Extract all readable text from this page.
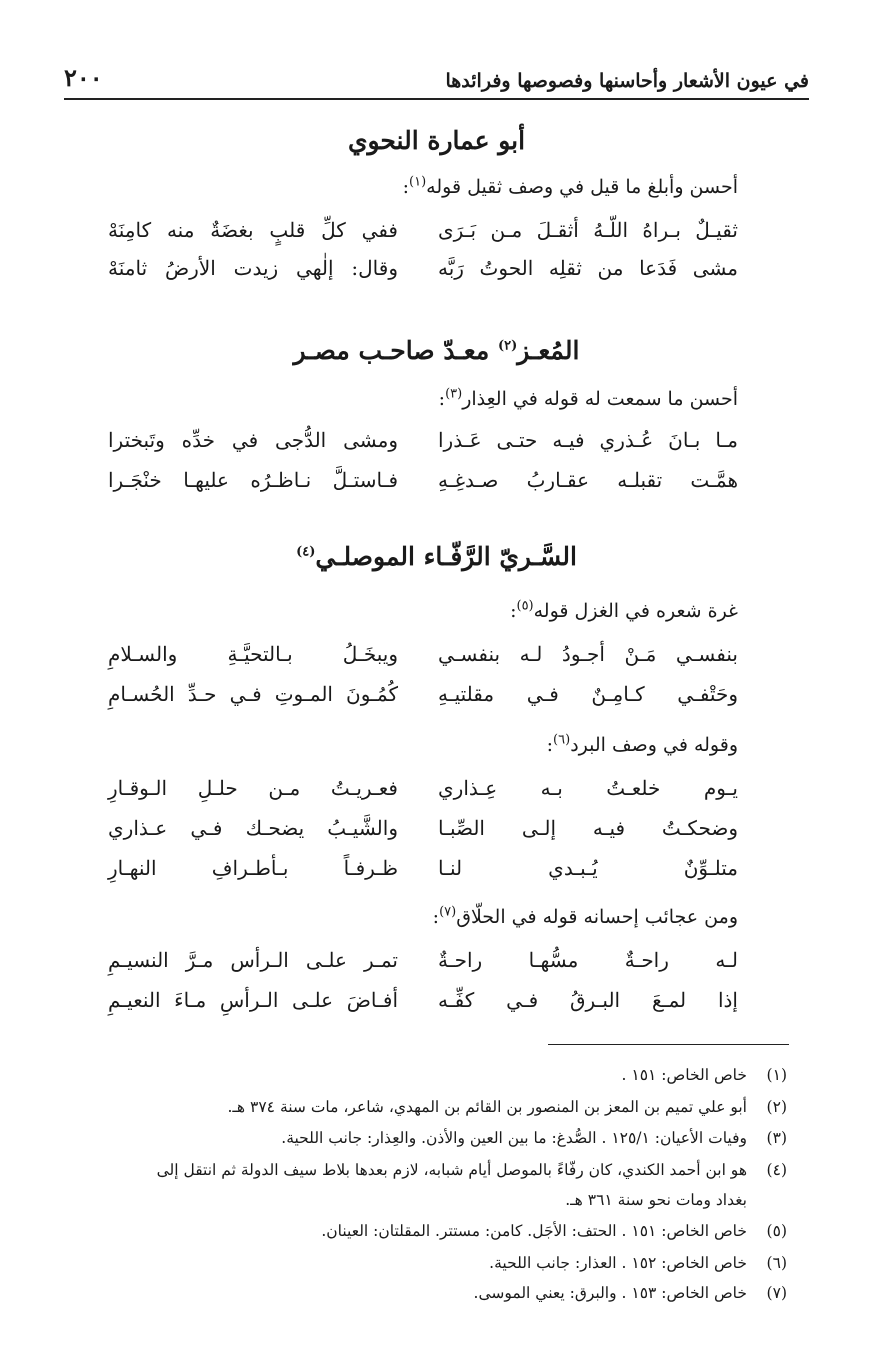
في عيون الأشعار وأحاسنها وفصوصها وفرائدها
٢٠٠
أبو عمارة النحوي
أحسن وأبلغ ما قيل في وصف ثقيل قوله$^{(١)}$:
ثقيـلٌ بـراهُ اللّـهُ أثقـلَ مـن بَـرَى
ففي كلِّ قلبٍ بغضَةٌ منه كامِنَهْ
مشى فَدَعا من ثقلِه الحوتُ رَبَّه
وقال: إلٰهي زيدت الأرضُ ثامنَهْ
المُعـز$^{(٢)}$ معـدّ صاحـب مصـر
أحسن ما سمعت له قوله في العِذار$^{(٣)}$:
مـا بـانَ عُـذري فيـه حتـى عَـذرا
ومشى الدُّجى في خدِّه وتَبخترا
همَّـت تقبلـه عقـاربُ صـدغِـهِ
فـاستـلَّ نـاظـرُه عليهـا خنْجَـرا
السَّـريّ الرَّفّـاء الموصلـي$^{(٤)}$
غرة شعره في الغزل قوله$^{(٥)}$:
بنفسـي مَـنْ أجـودُ لـه بنفسـي
ويبخَـلُ بـالتحيَّـةِ والسـلامِ
وحَتْفـي كـامِـنٌ فـي مقلتيـهِ
كُمُـونَ المـوتِ فـي حـدِّ الحُسـامِ
وقوله في وصف البرد$^{(٦)}$:
يـوم خلعـتُ بـه عِـذاري
فعـريـتُ مـن حلـلِ الـوقـارِ
وضحكـتُ فيـه إلـى الصِّبـا
والشَّيـبُ يضحـك فـي عـذاري
متلـوِّنٌ يُـبـدي لنـا
ظـرفـاً بـأطـرافِ النهـارِ
ومن عجائب إحسانه قوله في الحلّاق$^{(٧)}$:
لـه راحـةٌ مسُّهـا راحـةٌ
تمـر علـى الـرأس مـرَّ النسيـمِ
إذا لمـعَ البـرقُ فـي كفِّـه
أفـاضَ علـى الـرأسِ مـاءَ النعيـمِ
(١)خاص الخاص: ١٥١ .
(٢)أبو علي تميم بن المعز بن المنصور بن القائم بن المهدي، شاعر، مات سنة ٣٧٤ هـ.
(٣)وفيات الأعيان: ١٢٥/١ . الصُّدغ: ما بين العين والأذن. والعِذار: جانب اللحية.
(٤)هو ابن أحمد الكندي، كان رفّاءً بالموصل أيام شبابه، لازم بعدها بلاط سيف الدولة ثم انتقل إلى
بغداد ومات نحو سنة ٣٦١ هـ.
(٥)خاص الخاص: ١٥١ . الحتف: الأجَل. كامن: مستتر. المقلتان: العينان.
(٦)خاص الخاص: ١٥٢ . العذار: جانب اللحية.
(٧)خاص الخاص: ١٥٣ . والبرق: يعني الموسى.
